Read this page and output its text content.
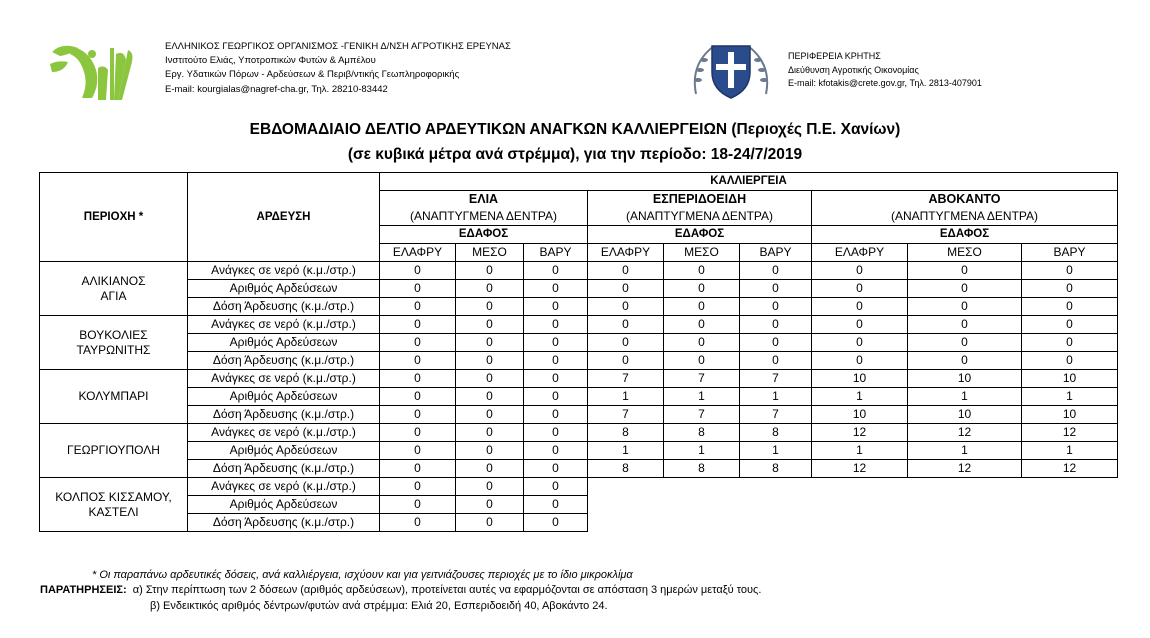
ΕΛΛΗΝΙΚΟΣ ΓΕΩΡΓΙΚΟΣ ΟΡΓΑΝΙΣΜΟΣ -ΓΕΝΙΚΗ Δ/ΝΣΗ ΑΓΡΟΤΙΚΗΣ ΕΡΕΥΝΑΣ
Ινστιτούτο Ελιάς, Υποτροπικών Φυτών & Αμπέλου
Εργ. Υδατικών Πόρων - Αρδεύσεων & Περιβ/ντικής Γεωπληροφορικής
E-mail: kourgialas@nagref-cha.gr, Τηλ. 28210-83442
ΠΕΡΙΦΕΡΕΙΑ ΚΡΗΤΗΣ
Διεύθυνση Αγροτικής Οικονομίας
E-mail: kfotakis@crete.gov.gr, Τηλ. 2813-407901
ΕΒΔΟΜΑΔΙΑΙΟ ΔΕΛΤΙΟ ΑΡΔΕΥΤΙΚΩΝ ΑΝΑΓΚΩΝ ΚΑΛΛΙΕΡΓΕΙΩΝ (Περιοχές Π.Ε. Χανίων)
(σε κυβικά μέτρα ανά στρέμμα), για την περίοδο: 18-24/7/2019
ΠΕΡΙΟΧΗ *	ΑΡΔΕΥΣΗ	ΚΑΛΛΙΕΡΓΕΙΑ								
		ΕΛΙΑ			ΕΣΠΕΡΙΔΟΕΙΔΗ			ΑΒΟΚΑΝΤΟ		
		(ΑΝΑΠΤΥΓΜΕΝΑ ΔΕΝΤΡΑ)			(ΑΝΑΠΤΥΓΜΕΝΑ ΔΕΝΤΡΑ)			(ΑΝΑΠΤΥΓΜΕΝΑ ΔΕΝΤΡΑ)		
		ΕΔΑΦΟΣ			ΕΔΑΦΟΣ			ΕΔΑΦΟΣ		
		ΕΛΑΦΡΥ	ΜΕΣΟ	ΒΑΡΥ	ΕΛΑΦΡΥ	ΜΕΣΟ	ΒΑΡΥ	ΕΛΑΦΡΥ	ΜΕΣΟ	ΒΑΡΥ
ΑΛΙΚΙΑΝΟΣ
ΑΓΙΑ	Ανάγκες σε νερό (κ.μ./στρ.)	0	0	0	0	0	0	0	0	0
	Αριθμός Αρδεύσεων	0	0	0	0	0	0	0	0	0
	Δόση Άρδευσης (κ.μ./στρ.)	0	0	0	0	0	0	0	0	0
ΒΟΥΚΟΛΙΕΣ
ΤΑΥΡΩΝΙΤΗΣ	Ανάγκες σε νερό (κ.μ./στρ.)	0	0	0	0	0	0	0	0	0
	Αριθμός Αρδεύσεων	0	0	0	0	0	0	0	0	0
	Δόση Άρδευσης (κ.μ./στρ.)	0	0	0	0	0	0	0	0	0
ΚΟΛΥΜΠΑΡΙ	Ανάγκες σε νερό (κ.μ./στρ.)	0	0	0	7	7	7	10	10	10
	Αριθμός Αρδεύσεων	0	0	0	1	1	1	1	1	1
	Δόση Άρδευσης (κ.μ./στρ.)	0	0	0	7	7	7	10	10	10
ΓΕΩΡΓΙΟΥΠΟΛΗ	Ανάγκες σε νερό (κ.μ./στρ.)	0	0	0	8	8	8	12	12	12
	Αριθμός Αρδεύσεων	0	0	0	1	1	1	1	1	1
	Δόση Άρδευσης (κ.μ./στρ.)	0	0	0	8	8	8	12	12	12
ΚΟΛΠΟΣ ΚΙΣΣΑΜΟΥ,
ΚΑΣΤΕΛΙ	Ανάγκες σε νερό (κ.μ./στρ.)	0	0	0						
	Αριθμός Αρδεύσεων	0	0	0						
	Δόση Άρδευσης (κ.μ./στρ.)	0	0	0						
* Οι παραπάνω αρδευτικές δόσεις, ανά καλλιέργεια, ισχύουν και για γειτνιάζουσες περιοχές με το ίδιο μικροκλίμα
ΠΑΡΑΤΗΡΗΣΕΙΣ: α) Στην περίπτωση των 2 δόσεων (αριθμός αρδεύσεων), προτείνεται αυτές να εφαρμόζονται σε απόσταση 3 ημερών μεταξύ τους.
β) Ενδεικτικός αριθμός δέντρων/φυτών ανά στρέμμα: Ελιά 20, Εσπεριδοειδή 40, Αβοκάντο 24.
